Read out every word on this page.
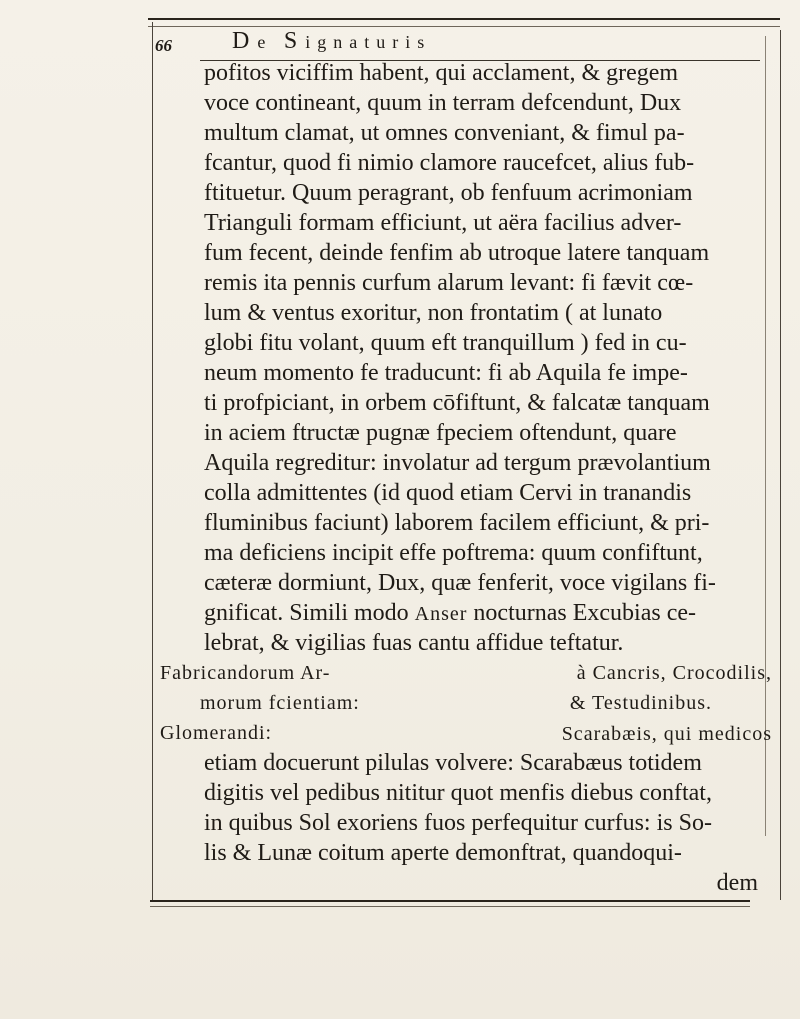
66	De Signaturis
pofitos viciffim habent, qui acclament, & gregem
voce contineant, quum in terram defcendunt, Dux
multum clamat, ut omnes conveniant, & fimul pa-
fcantur, quod fi nimio clamore raucefcet, alius fub-
ftituetur. Quum peragrant, ob fenfuum acrimoniam
Trianguli formam efficiunt, ut aëra facilius adver-
fum fecent, deinde fenfim ab utroque latere tanquam
remis ita pennis curfum alarum levant: fi fævit cœ-
lum & ventus exoritur, non frontatim ( at lunato
globi fitu volant, quum eft tranquillum ) fed in cu-
neum momento fe traducunt: fi ab Aquila fe impe-
ti profpiciant, in orbem cōfiftunt, & falcatæ tanquam
in aciem ftructæ pugnæ fpeciem oftendunt, quare
Aquila regreditur: involatur ad tergum prævolantium
colla admittentes (id quod etiam Cervi in tranandis
fluminibus faciunt) laborem facilem efficiunt, & pri-
ma deficiens incipit effe poftrema: quum confiftunt,
cæteræ dormiunt, Dux, quæ fenferit, voce vigilans fi-
gnificat. Simili modo Anser nocturnas Excubias ce-
lebrat, & vigilias fuas cantu affidue teftatur.
Fabricandorum Ar-	à Cancris, Crocodilis,
morum fcientiam:	& Testudinibus.
Glomerandi:	Scarabæis, qui medicos
etiam docuerunt pilulas volvere: Scarabæus totidem
digitis vel pedibus nititur quot menfis diebus conftat,
in quibus Sol exoriens fuos perfequitur curfus: is So-
lis & Lunæ coitum aperte demonftrat, quandoqui-
dem
